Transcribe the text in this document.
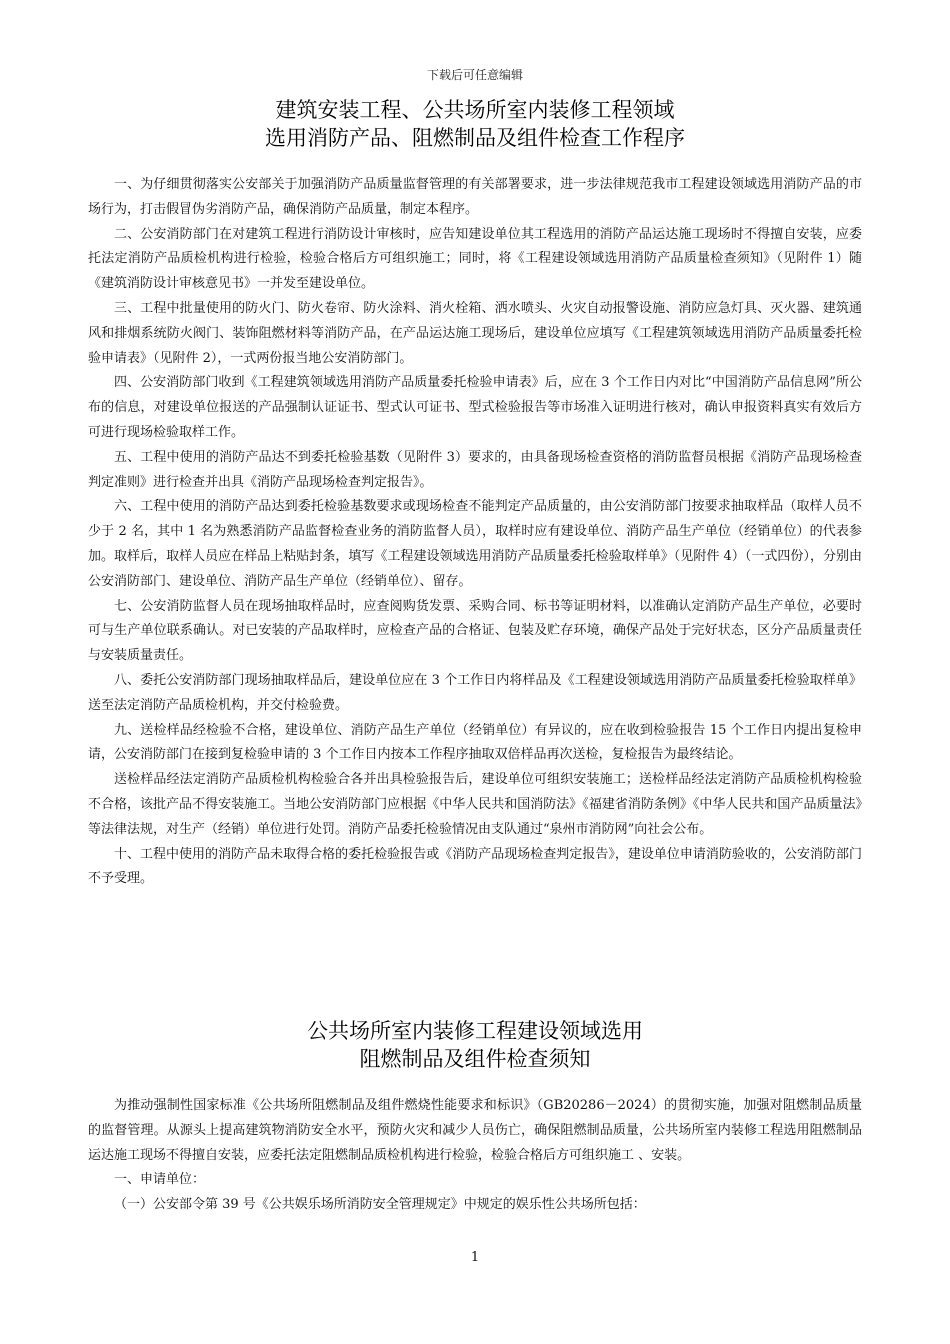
下载后可任意编辑
建筑安装工程、公共场所室内装修工程领域
选用消防产品、阻燃制品及组件检查工作程序

一、为仔细贯彻落实公安部关于加强消防产品质量监督管理的有关部署要求，进一步法律规范我市工程建设领域选用消防产品的市场行为，打击假冒伪劣消防产品，确保消防产品质量，制定本程序。

二、公安消防部门在对建筑工程进行消防设计审核时，应告知建设单位其工程选用的消防产品运达施工现场时不得擅自安装，应委托法定消防产品质检机构进行检验，检验合格后方可组织施工；同时，将《工程建设领域选用消防产品质量检查须知》（见附件 1）随《建筑消防设计审核意见书》一并发至建设单位。

三、工程中批量使用的防火门、防火卷帘、防火涂料、消火栓箱、洒水喷头、火灾自动报警设施、消防应急灯具、灭火器、建筑通风和排烟系统防火阀门、装饰阻燃材料等消防产品，在产品运达施工现场后，建设单位应填写《工程建筑领域选用消防产品质量委托检验申请表》（见附件 2），一式两份报当地公安消防部门。

四、公安消防部门收到《工程建筑领域选用消防产品质量委托检验申请表》后，应在 3 个工作日内对比“中国消防产品信息网”所公布的信息，对建设单位报送的产品强制认证证书、型式认可证书、型式检验报告等市场准入证明进行核对，确认申报资料真实有效后方可进行现场检验取样工作。

五、工程中使用的消防产品达不到委托检验基数（见附件 3）要求的，由具备现场检查资格的消防监督员根据《消防产品现场检查判定准则》进行检查并出具《消防产品现场检查判定报告》。

六、工程中使用的消防产品达到委托检验基数要求或现场检查不能判定产品质量的，由公安消防部门按要求抽取样品（取样人员不少于 2 名，其中 1 名为熟悉消防产品监督检查业务的消防监督人员），取样时应有建设单位、消防产品生产单位（经销单位）的代表参加。取样后，取样人员应在样品上粘贴封条，填写《工程建设领域选用消防产品质量委托检验取样单》（见附件 4）（一式四份），分别由公安消防部门、建设单位、消防产品生产单位（经销单位）、留存。

七、公安消防监督人员在现场抽取样品时，应查阅购货发票、采购合同、标书等证明材料，以准确认定消防产品生产单位，必要时可与生产单位联系确认。对已安装的产品取样时，应检查产品的合格证、包装及贮存环境，确保产品处于完好状态，区分产品质量责任与安装质量责任。

八、委托公安消防部门现场抽取样品后，建设单位应在 3 个工作日内将样品及《工程建设领域选用消防产品质量委托检验取样单》送至法定消防产品质检机构，并交付检验费。

九、送检样品经检验不合格，建设单位、消防产品生产单位（经销单位）有异议的，应在收到检验报告 15 个工作日内提出复检申请，公安消防部门在接到复检验申请的 3 个工作日内按本工作程序抽取双倍样品再次送检，复检报告为最终结论。

送检样品经法定消防产品质检机构检验合各并出具检验报告后，建设单位可组织安装施工；送检样品经法定消防产品质检机构检验不合格，该批产品不得安装施工。当地公安消防部门应根据《中华人民共和国消防法》《福建省消防条例》《中华人民共和国产品质量法》等法律法规，对生产（经销）单位进行处罚。消防产品委托检验情况由支队通过“泉州市消防网”向社会公布。

十、工程中使用的消防产品未取得合格的委托检验报告或《消防产品现场检查判定报告》，建设单位申请消防验收的，公安消防部门不予受理。

公共场所室内装修工程建设领域选用
阻燃制品及组件检查须知

为推动强制性国家标准《公共场所阻燃制品及组件燃烧性能要求和标识》（GB20286－2024）的贯彻实施，加强对阻燃制品质量的监督管理。从源头上提高建筑物消防安全水平，预防火灾和减少人员伤亡，确保阻燃制品质量，公共场所室内装修工程选用阻燃制品运达施工现场不得擅自安装，应委托法定阻燃制品质检机构进行检验，检验合格后方可组织施工 、安装。

一、申请单位：

（一）公安部令第 39 号《公共娱乐场所消防安全管理规定》中规定的娱乐性公共场所包括：

1
